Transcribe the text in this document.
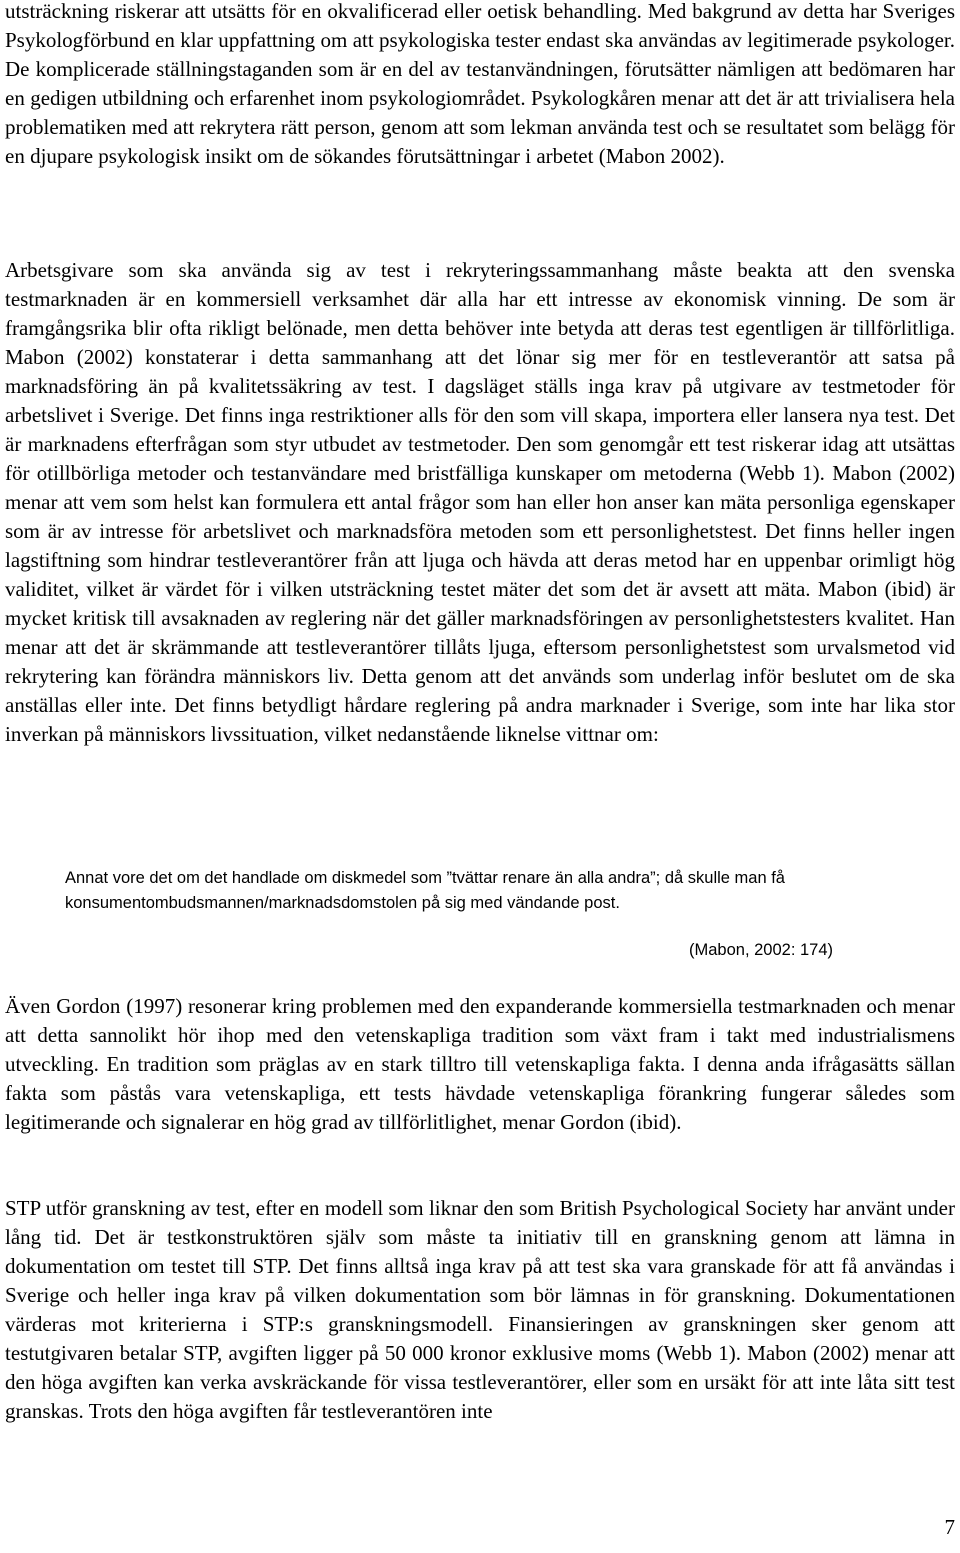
utsträckning riskerar att utsätts för en okvalificerad eller oetisk behandling. Med bakgrund av detta har Sveriges Psykologförbund en klar uppfattning om att psykologiska tester endast ska användas av legitimerade psykologer. De komplicerade ställningstaganden som är en del av testanvändningen, förutsätter nämligen att bedömaren har en gedigen utbildning och erfarenhet inom psykologiområdet. Psykologkåren menar att det är att trivialisera hela problematiken med att rekrytera rätt person, genom att som lekman använda test och se resultatet som belägg för en djupare psykologisk insikt om de sökandes förutsättningar i arbetet (Mabon 2002).

Arbetsgivare som ska använda sig av test i rekryteringssammanhang måste beakta att den svenska testmarknaden är en kommersiell verksamhet där alla har ett intresse av ekonomisk vinning. De som är framgångsrika blir ofta rikligt belönade, men detta behöver inte betyda att deras test egentligen är tillförlitliga. Mabon (2002) konstaterar i detta sammanhang att det lönar sig mer för en testleverantör att satsa på marknadsföring än på kvalitetssäkring av test. I dagsläget ställs inga krav på utgivare av testmetoder för arbetslivet i Sverige. Det finns inga restriktioner alls för den som vill skapa, importera eller lansera nya test. Det är marknadens efterfrågan som styr utbudet av testmetoder. Den som genomgår ett test riskerar idag att utsättas för otillbörliga metoder och testanvändare med bristfälliga kunskaper om metoderna (Webb 1). Mabon (2002) menar att vem som helst kan formulera ett antal frågor som han eller hon anser kan mäta personliga egenskaper som är av intresse för arbetslivet och marknadsföra metoden som ett personlighetstest. Det finns heller ingen lagstiftning som hindrar testleverantörer från att ljuga och hävda att deras metod har en uppenbar orimligt hög validitet, vilket är värdet för i vilken utsträckning testet mäter det som det är avsett att mäta. Mabon (ibid) är mycket kritisk till avsaknaden av reglering när det gäller marknadsföringen av personlighetstesters kvalitet. Han menar att det är skrämmande att testleverantörer tillåts ljuga, eftersom personlighetstest som urvalsmetod vid rekrytering kan förändra människors liv. Detta genom att det används som underlag inför beslutet om de ska anställas eller inte. Det finns betydligt hårdare reglering på andra marknader i Sverige, som inte har lika stor inverkan på människors livssituation, vilket nedanstående liknelse vittnar om:

Annat vore det om det handlade om diskmedel som ”tvättar renare än alla andra”; då skulle man få konsumentombudsmannen/marknadsdomstolen på sig med vändande post.

(Mabon, 2002: 174)

Även Gordon (1997) resonerar kring problemen med den expanderande kommersiella testmarknaden och menar att detta sannolikt hör ihop med den vetenskapliga tradition som växt fram i takt med industrialismens utveckling. En tradition som präglas av en stark tilltro till vetenskapliga fakta. I denna anda ifrågasätts sällan fakta som påstås vara vetenskapliga, ett tests hävdade vetenskapliga förankring fungerar således som legitimerande och signalerar en hög grad av tillförlitlighet, menar Gordon (ibid).

STP utför granskning av test, efter en modell som liknar den som British Psychological Society har använt under lång tid. Det är testkonstruktören själv som måste ta initiativ till en granskning genom att lämna in dokumentation om testet till STP. Det finns alltså inga krav på att test ska vara granskade för att få användas i Sverige och heller inga krav på vilken dokumentation som bör lämnas in för granskning. Dokumentationen värderas mot kriterierna i STP:s granskningsmodell. Finansieringen av granskningen sker genom att testutgivaren betalar STP, avgiften ligger på 50 000 kronor exklusive moms (Webb 1). Mabon (2002) menar att den höga avgiften kan verka avskräckande för vissa testleverantörer, eller som en ursäkt för att inte låta sitt test granskas. Trots den höga avgiften får testleverantören inte

7
